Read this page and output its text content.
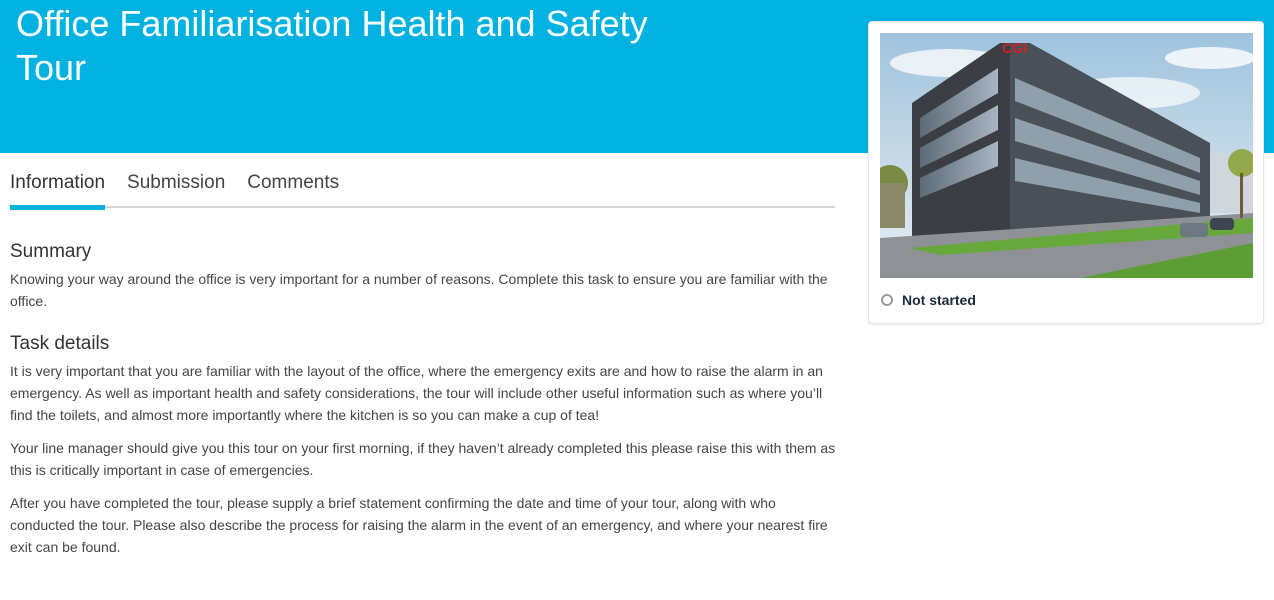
Office Familiarisation Health and Safety Tour
Information Submission Comments
Summary

Knowing your way around the office is very important for a number of reasons. Complete this task to ensure you are familiar with the office.

Task details

It is very important that you are familiar with the layout of the office, where the emergency exits are and how to raise the alarm in an emergency. As well as important health and safety considerations, the tour will include other useful information such as where you’ll find the toilets, and almost more importantly where the kitchen is so you can make a cup of tea!

Your line manager should give you this tour on your first morning, if they haven’t already completed this please raise this with them as this is critically important in case of emergencies.

After you have completed the tour, please supply a brief statement confirming the date and time of your tour, along with who conducted the tour. Please also describe the process for raising the alarm in the event of an emergency, and where your nearest fire exit can be found.

CGI
Not started
